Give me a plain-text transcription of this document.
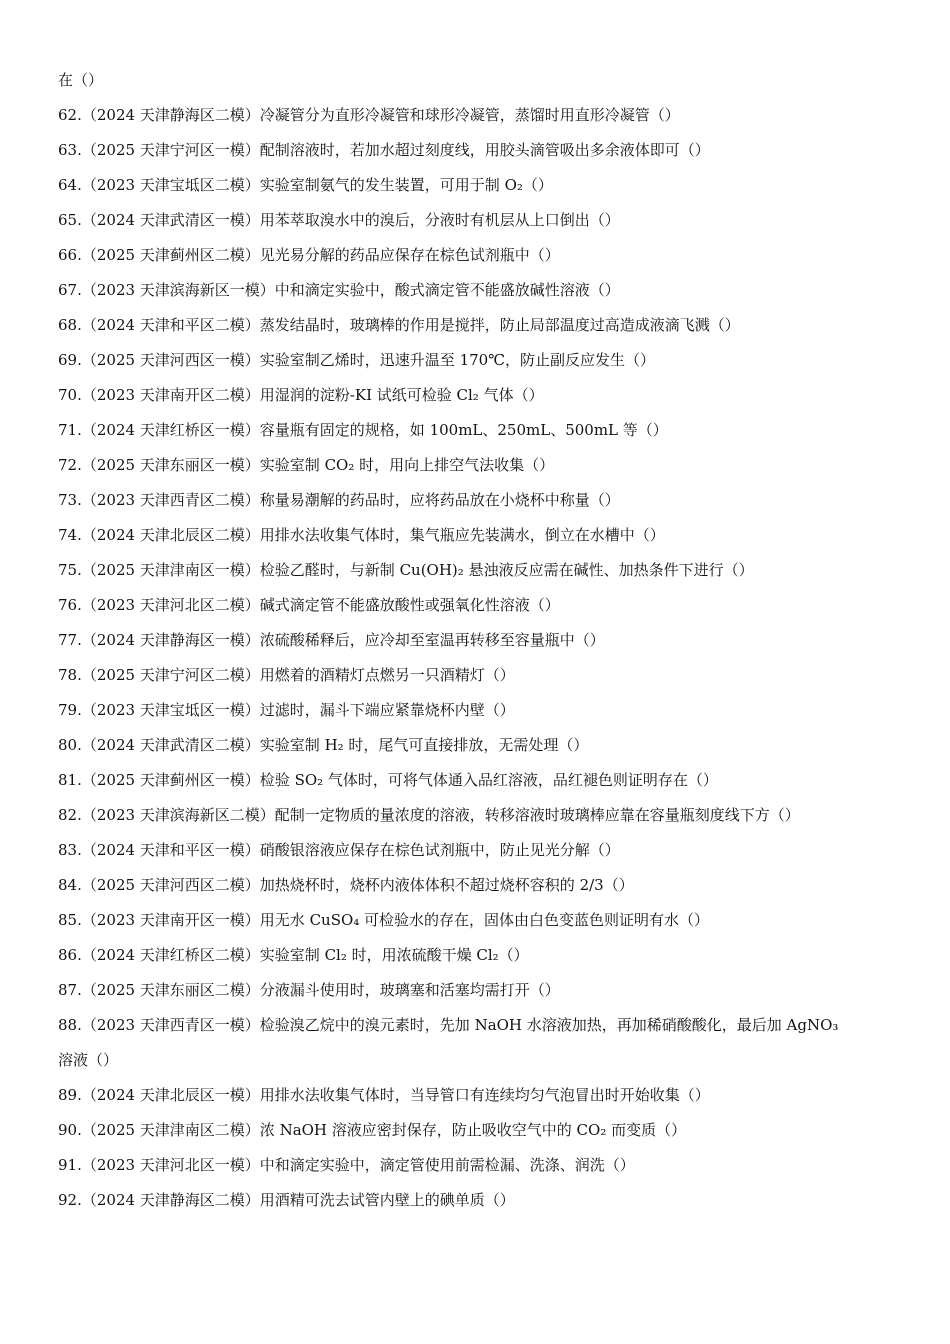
在（）
62.（2024 天津静海区二模）冷凝管分为直形冷凝管和球形冷凝管，蒸馏时用直形冷凝管（）
63.（2025 天津宁河区一模）配制溶液时，若加水超过刻度线，用胶头滴管吸出多余液体即可（）
64.（2023 天津宝坻区二模）实验室制氨气的发生装置，可用于制 O₂（）
65.（2024 天津武清区一模）用苯萃取溴水中的溴后，分液时有机层从上口倒出（）
66.（2025 天津蓟州区二模）见光易分解的药品应保存在棕色试剂瓶中（）
67.（2023 天津滨海新区一模）中和滴定实验中，酸式滴定管不能盛放碱性溶液（）
68.（2024 天津和平区二模）蒸发结晶时，玻璃棒的作用是搅拌，防止局部温度过高造成液滴飞溅（）
69.（2025 天津河西区一模）实验室制乙烯时，迅速升温至 170℃，防止副反应发生（）
70.（2023 天津南开区二模）用湿润的淀粉-KI 试纸可检验 Cl₂ 气体（）
71.（2024 天津红桥区一模）容量瓶有固定的规格，如 100mL、250mL、500mL 等（）
72.（2025 天津东丽区一模）实验室制 CO₂ 时，用向上排空气法收集（）
73.（2023 天津西青区二模）称量易潮解的药品时，应将药品放在小烧杯中称量（）
74.（2024 天津北辰区二模）用排水法收集气体时，集气瓶应先装满水，倒立在水槽中（）
75.（2025 天津津南区一模）检验乙醛时，与新制 Cu(OH)₂ 悬浊液反应需在碱性、加热条件下进行（）
76.（2023 天津河北区二模）碱式滴定管不能盛放酸性或强氧化性溶液（）
77.（2024 天津静海区一模）浓硫酸稀释后，应冷却至室温再转移至容量瓶中（）
78.（2025 天津宁河区二模）用燃着的酒精灯点燃另一只酒精灯（）
79.（2023 天津宝坻区一模）过滤时，漏斗下端应紧靠烧杯内壁（）
80.（2024 天津武清区二模）实验室制 H₂ 时，尾气可直接排放，无需处理（）
81.（2025 天津蓟州区一模）检验 SO₂ 气体时，可将气体通入品红溶液，品红褪色则证明存在（）
82.（2023 天津滨海新区二模）配制一定物质的量浓度的溶液，转移溶液时玻璃棒应靠在容量瓶刻度线下方（）
83.（2024 天津和平区一模）硝酸银溶液应保存在棕色试剂瓶中，防止见光分解（）
84.（2025 天津河西区二模）加热烧杯时，烧杯内液体体积不超过烧杯容积的 2/3（）
85.（2023 天津南开区一模）用无水 CuSO₄ 可检验水的存在，固体由白色变蓝色则证明有水（）
86.（2024 天津红桥区二模）实验室制 Cl₂ 时，用浓硫酸干燥 Cl₂（）
87.（2025 天津东丽区二模）分液漏斗使用时，玻璃塞和活塞均需打开（）
88.（2023 天津西青区一模）检验溴乙烷中的溴元素时，先加 NaOH 水溶液加热，再加稀硝酸酸化，最后加 AgNO₃
溶液（）
89.（2024 天津北辰区一模）用排水法收集气体时，当导管口有连续均匀气泡冒出时开始收集（）
90.（2025 天津津南区二模）浓 NaOH 溶液应密封保存，防止吸收空气中的 CO₂ 而变质（）
91.（2023 天津河北区一模）中和滴定实验中，滴定管使用前需检漏、洗涤、润洗（）
92.（2024 天津静海区二模）用酒精可洗去试管内壁上的碘单质（）
